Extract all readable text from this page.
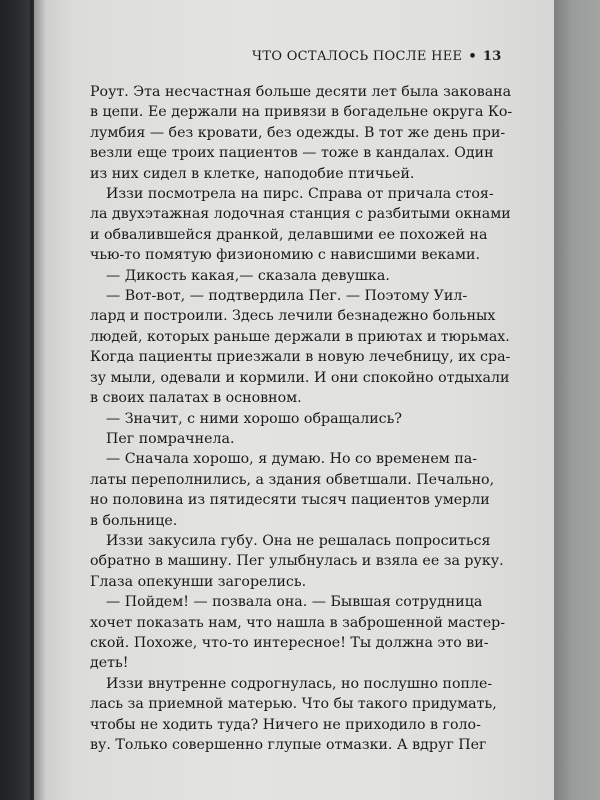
ЧТО ОСТАЛОСЬ ПОСЛЕ НЕЕ • 13
Роут. Эта несчастная больше десяти лет была закована
в цепи. Ее держали на привязи в богадельне округа Ко-
лумбия — без кровати, без одежды. В тот же день при-
везли еще троих пациентов — тоже в кандалах. Один
из них сидел в клетке, наподобие птичьей.
Иззи посмотрела на пирс. Справа от причала стоя-
ла двухэтажная лодочная станция с разбитыми окнами
и обвалившейся дранкой, делавшими ее похожей на
чью-то помятую физиономию с нависшими веками.
— Дикость какая,— сказала девушка.
— Вот-вот, — подтвердила Пег. — Поэтому Уил-
лард и построили. Здесь лечили безнадежно больных
людей, которых раньше держали в приютах и тюрьмах.
Когда пациенты приезжали в новую лечебницу, их сра-
зу мыли, одевали и кормили. И они спокойно отдыхали
в своих палатах в основном.
— Значит, с ними хорошо обращались?
Пег помрачнела.
— Сначала хорошо, я думаю. Но со временем па-
латы переполнились, а здания обветшали. Печально,
но половина из пятидесяти тысяч пациентов умерли
в больнице.
Иззи закусила губу. Она не решалась попроситься
обратно в машину. Пег улыбнулась и взяла ее за руку.
Глаза опекунши загорелись.
— Пойдем! — позвала она. — Бывшая сотрудница
хочет показать нам, что нашла в заброшенной мастер-
ской. Похоже, что-то интересное! Ты должна это ви-
деть!
Иззи внутренне содрогнулась, но послушно попле-
лась за приемной матерью. Что бы такого придумать,
чтобы не ходить туда? Ничего не приходило в голо-
ву. Только совершенно глупые отмазки. А вдруг Пег
